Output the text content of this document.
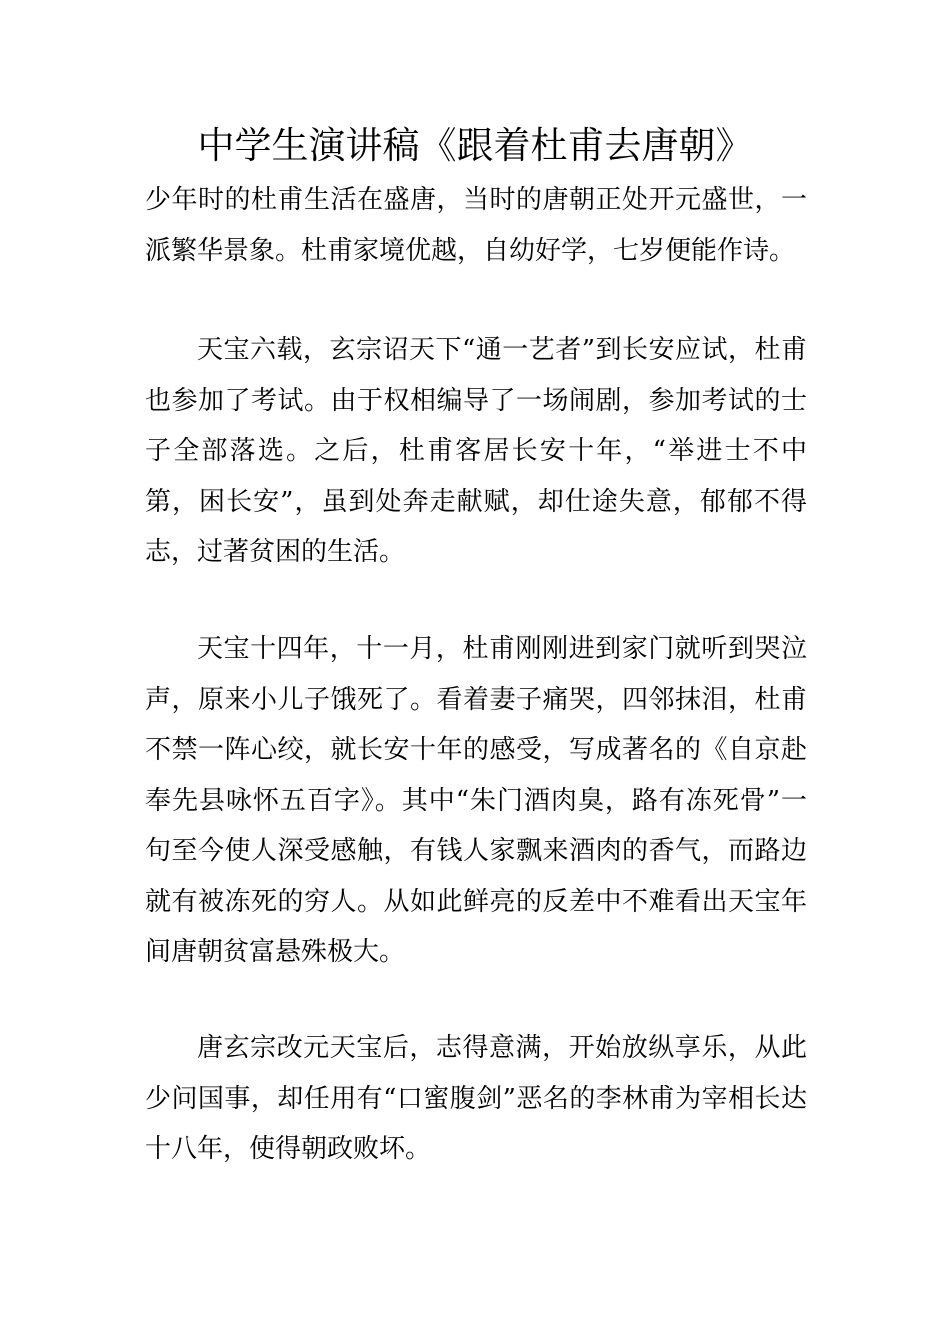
中学生演讲稿《跟着杜甫去唐朝》

少年时的杜甫生活在盛唐，当时的唐朝正处开元盛世，一派繁华景象。杜甫家境优越，自幼好学，七岁便能作诗。

天宝六载，玄宗诏天下“通一艺者”到长安应试，杜甫也参加了考试。由于权相编导了一场闹剧，参加考试的士子全部落选。之后，杜甫客居长安十年，“举进士不中第，困长安”，虽到处奔走献赋，却仕途失意，郁郁不得志，过著贫困的生活。

天宝十四年，十一月，杜甫刚刚进到家门就听到哭泣声，原来小儿子饿死了。看着妻子痛哭，四邻抹泪，杜甫不禁一阵心绞，就长安十年的感受，写成著名的《自京赴奉先县咏怀五百字》。其中“朱门酒肉臭，路有冻死骨”一句至今使人深受感触，有钱人家飘来酒肉的香气，而路边就有被冻死的穷人。从如此鲜亮的反差中不难看出天宝年间唐朝贫富悬殊极大。

唐玄宗改元天宝后，志得意满，开始放纵享乐，从此少问国事，却任用有“口蜜腹剑”恶名的李林甫为宰相长达十八年，使得朝政败坏。
